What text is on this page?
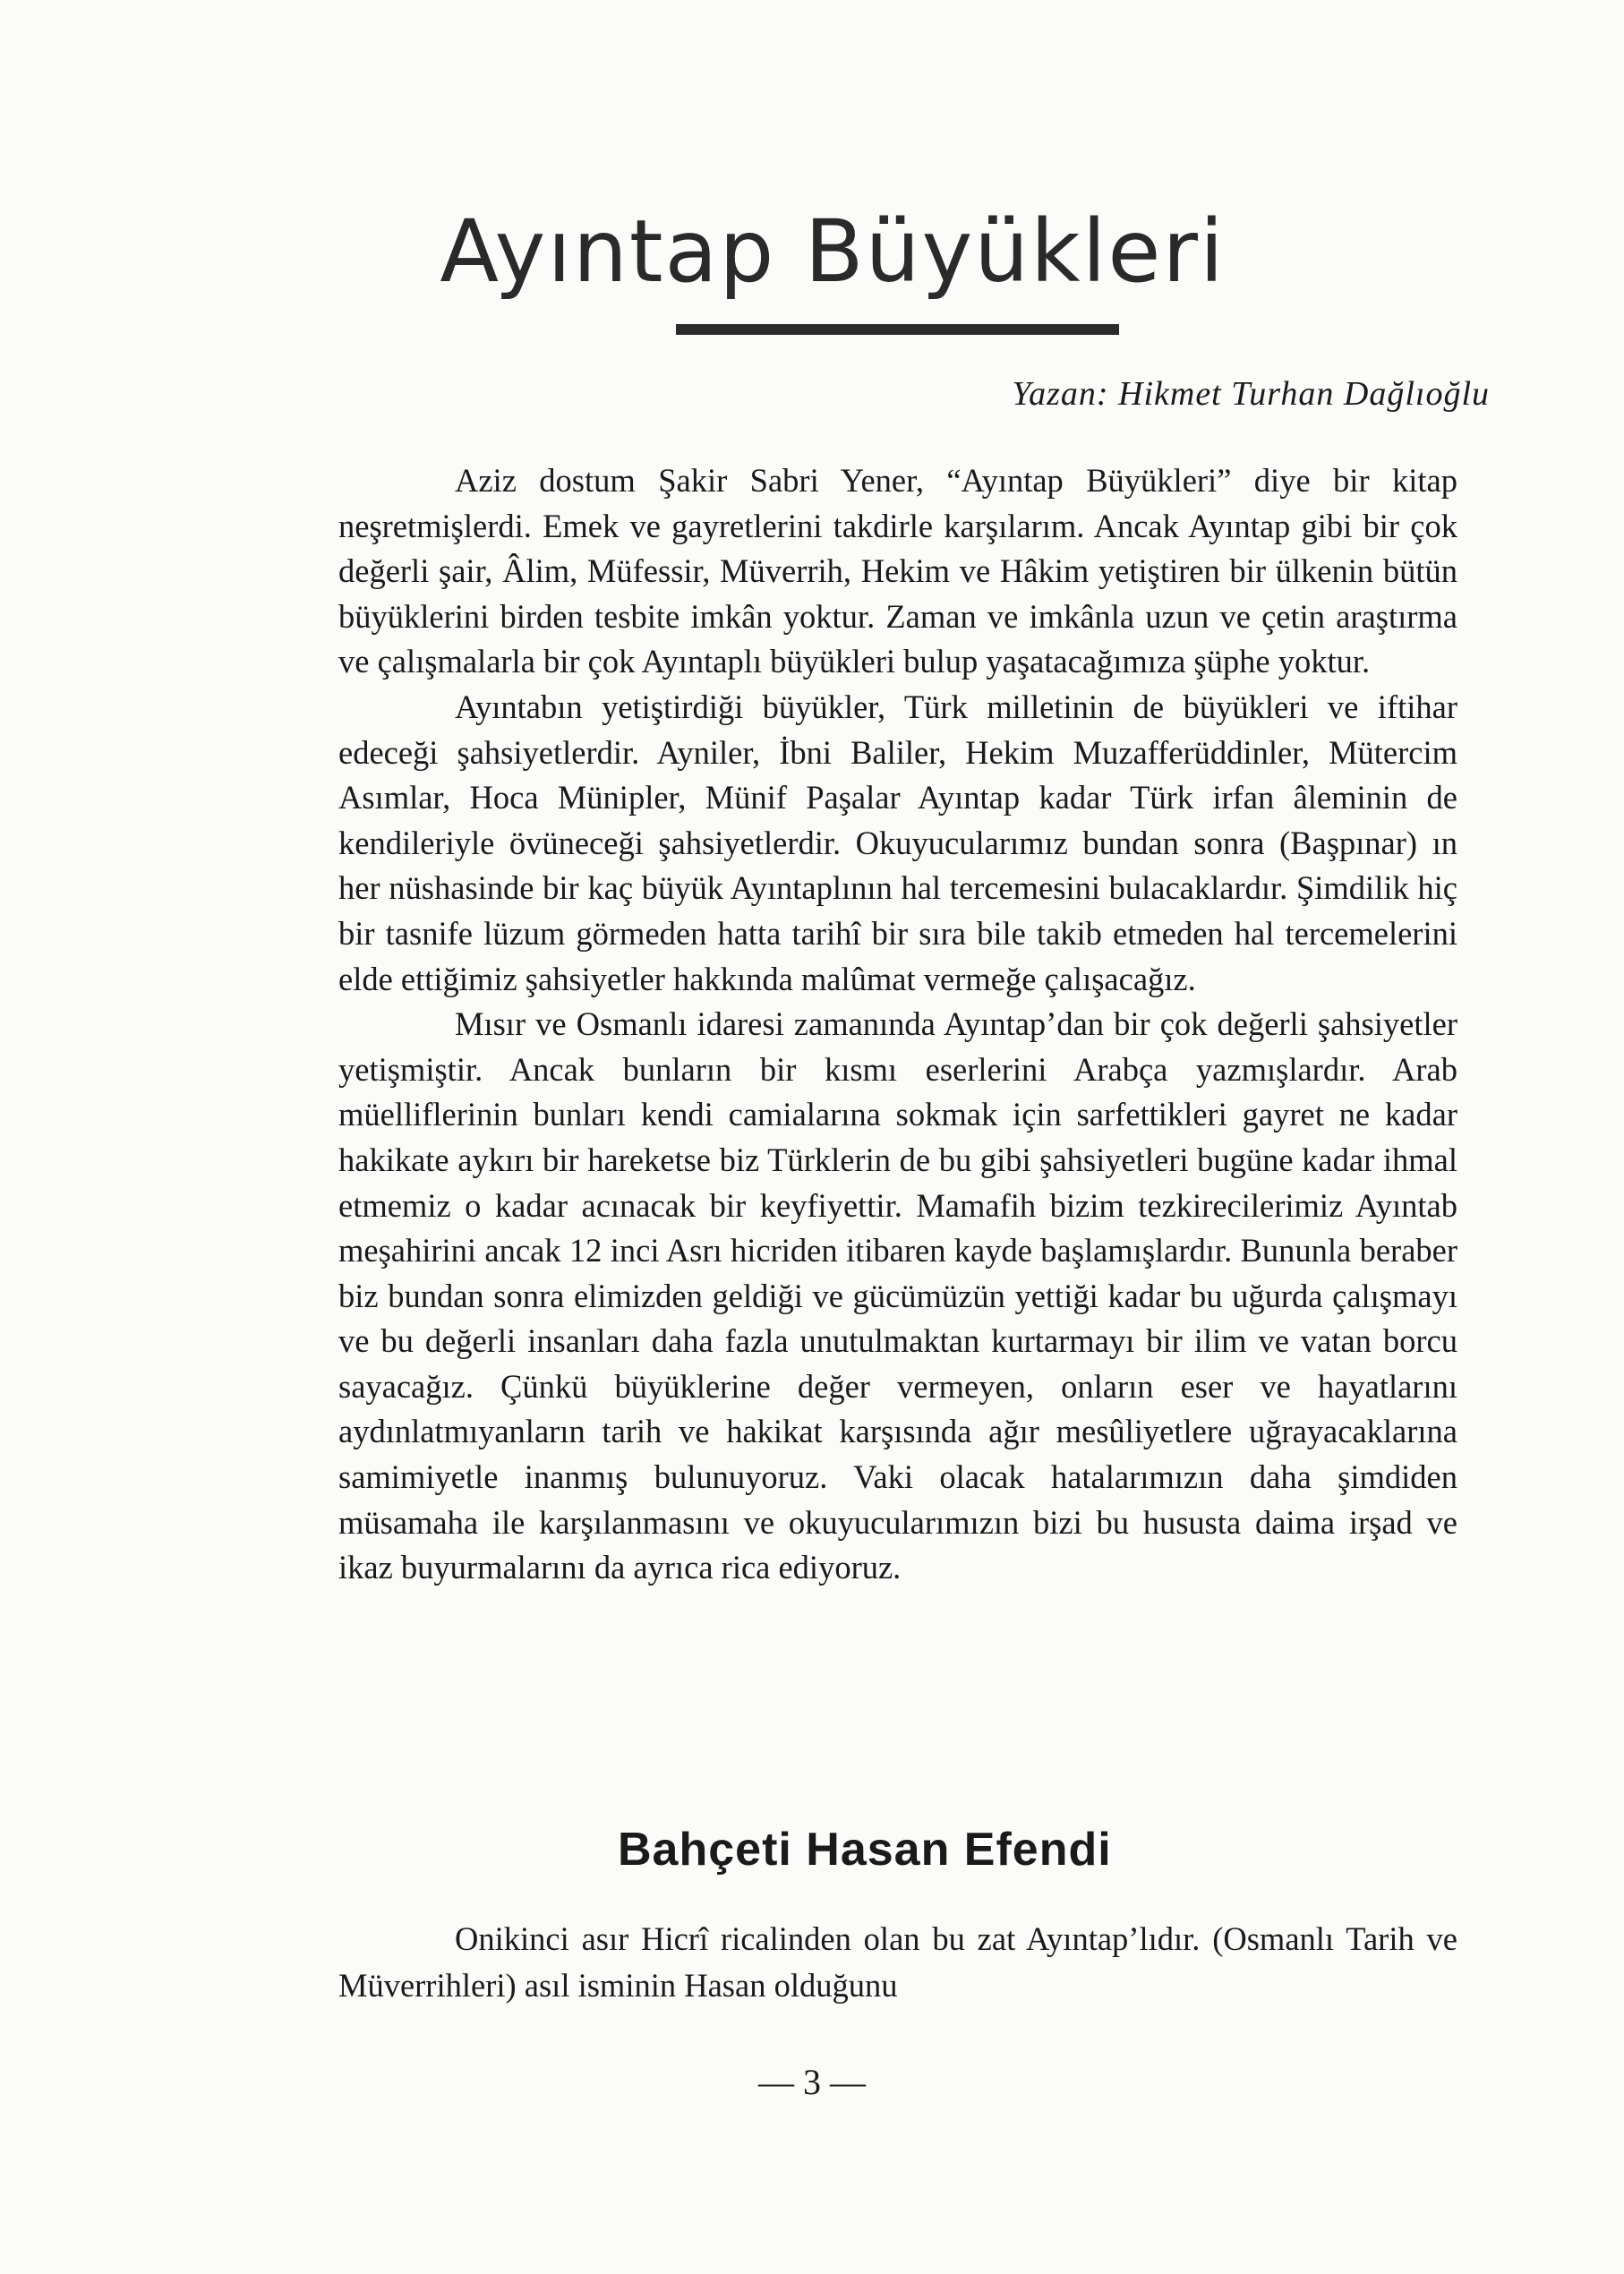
Ayıntap Büyükleri
Yazan: Hikmet Turhan Dağlıoğlu

Aziz dostum Şakir Sabri Yener, “Ayıntap Büyükleri” diye bir kitap neşretmişlerdi. Emek ve gayretlerini takdirle karşılarım. Ancak Ayıntap gibi bir çok değerli şair, Âlim, Müfessir, Müverrih, Hekim ve Hâkim yetiştiren bir ülkenin bütün büyüklerini birden tesbite imkân yoktur. Zaman ve imkânla uzun ve çetin araştırma ve çalışmalarla bir çok Ayıntaplı büyükleri bulup yaşatacağımıza şüphe yoktur.

Ayıntabın yetiştirdiği büyükler, Türk milletinin de büyükleri ve iftihar edeceği şahsiyetlerdir. Ayniler, İbni Baliler, Hekim Muzafferüddinler, Mütercim Asımlar, Hoca Münipler, Münif Paşalar Ayıntap kadar Türk irfan âleminin de kendileriyle övüneceği şahsiyetlerdir. Okuyucularımız bundan sonra (Başpınar) ın her nüshasinde bir kaç büyük Ayıntaplının hal tercemesini bulacaklardır. Şimdilik hiç bir tasnife lüzum görmeden hatta tarihî bir sıra bile takib etmeden hal tercemelerini elde ettiğimiz şahsiyetler hakkında malûmat vermeğe çalışacağız.

Mısır ve Osmanlı idaresi zamanında Ayıntap’dan bir çok değerli şahsiyetler yetişmiştir. Ancak bunların bir kısmı eserlerini Arabça yazmışlardır. Arab müelliflerinin bunları kendi camialarına sokmak için sarfettikleri gayret ne kadar hakikate aykırı bir hareketse biz Türklerin de bu gibi şahsiyetleri bugüne kadar ihmal etmemiz o kadar acınacak bir keyfiyettir. Mamafih bizim tezkirecilerimiz Ayıntab meşahirini ancak 12 inci Asrı hicriden itibaren kayde başlamışlardır. Bununla beraber biz bundan sonra elimizden geldiği ve gücümüzün yettiği kadar bu uğurda çalışmayı ve bu değerli insanları daha fazla unutulmaktan kurtarmayı bir ilim ve vatan borcu sayacağız. Çünkü büyüklerine değer vermeyen, onların eser ve hayatlarını aydınlatmıyanların tarih ve hakikat karşısında ağır mesûliyetlere uğrayacaklarına samimiyetle inanmış bulunuyoruz. Vaki olacak hatalarımızın daha şimdiden müsamaha ile karşılanmasını ve okuyucularımızın bizi bu hususta daima irşad ve ikaz buyurmalarını da ayrıca rica ediyoruz.

Bahçeti Hasan Efendi

Onikinci asır Hicrî ricalinden olan bu zat Ayıntap’lıdır. (Osmanlı Tarih ve Müverrihleri) asıl isminin Hasan olduğunu

— 3 —
